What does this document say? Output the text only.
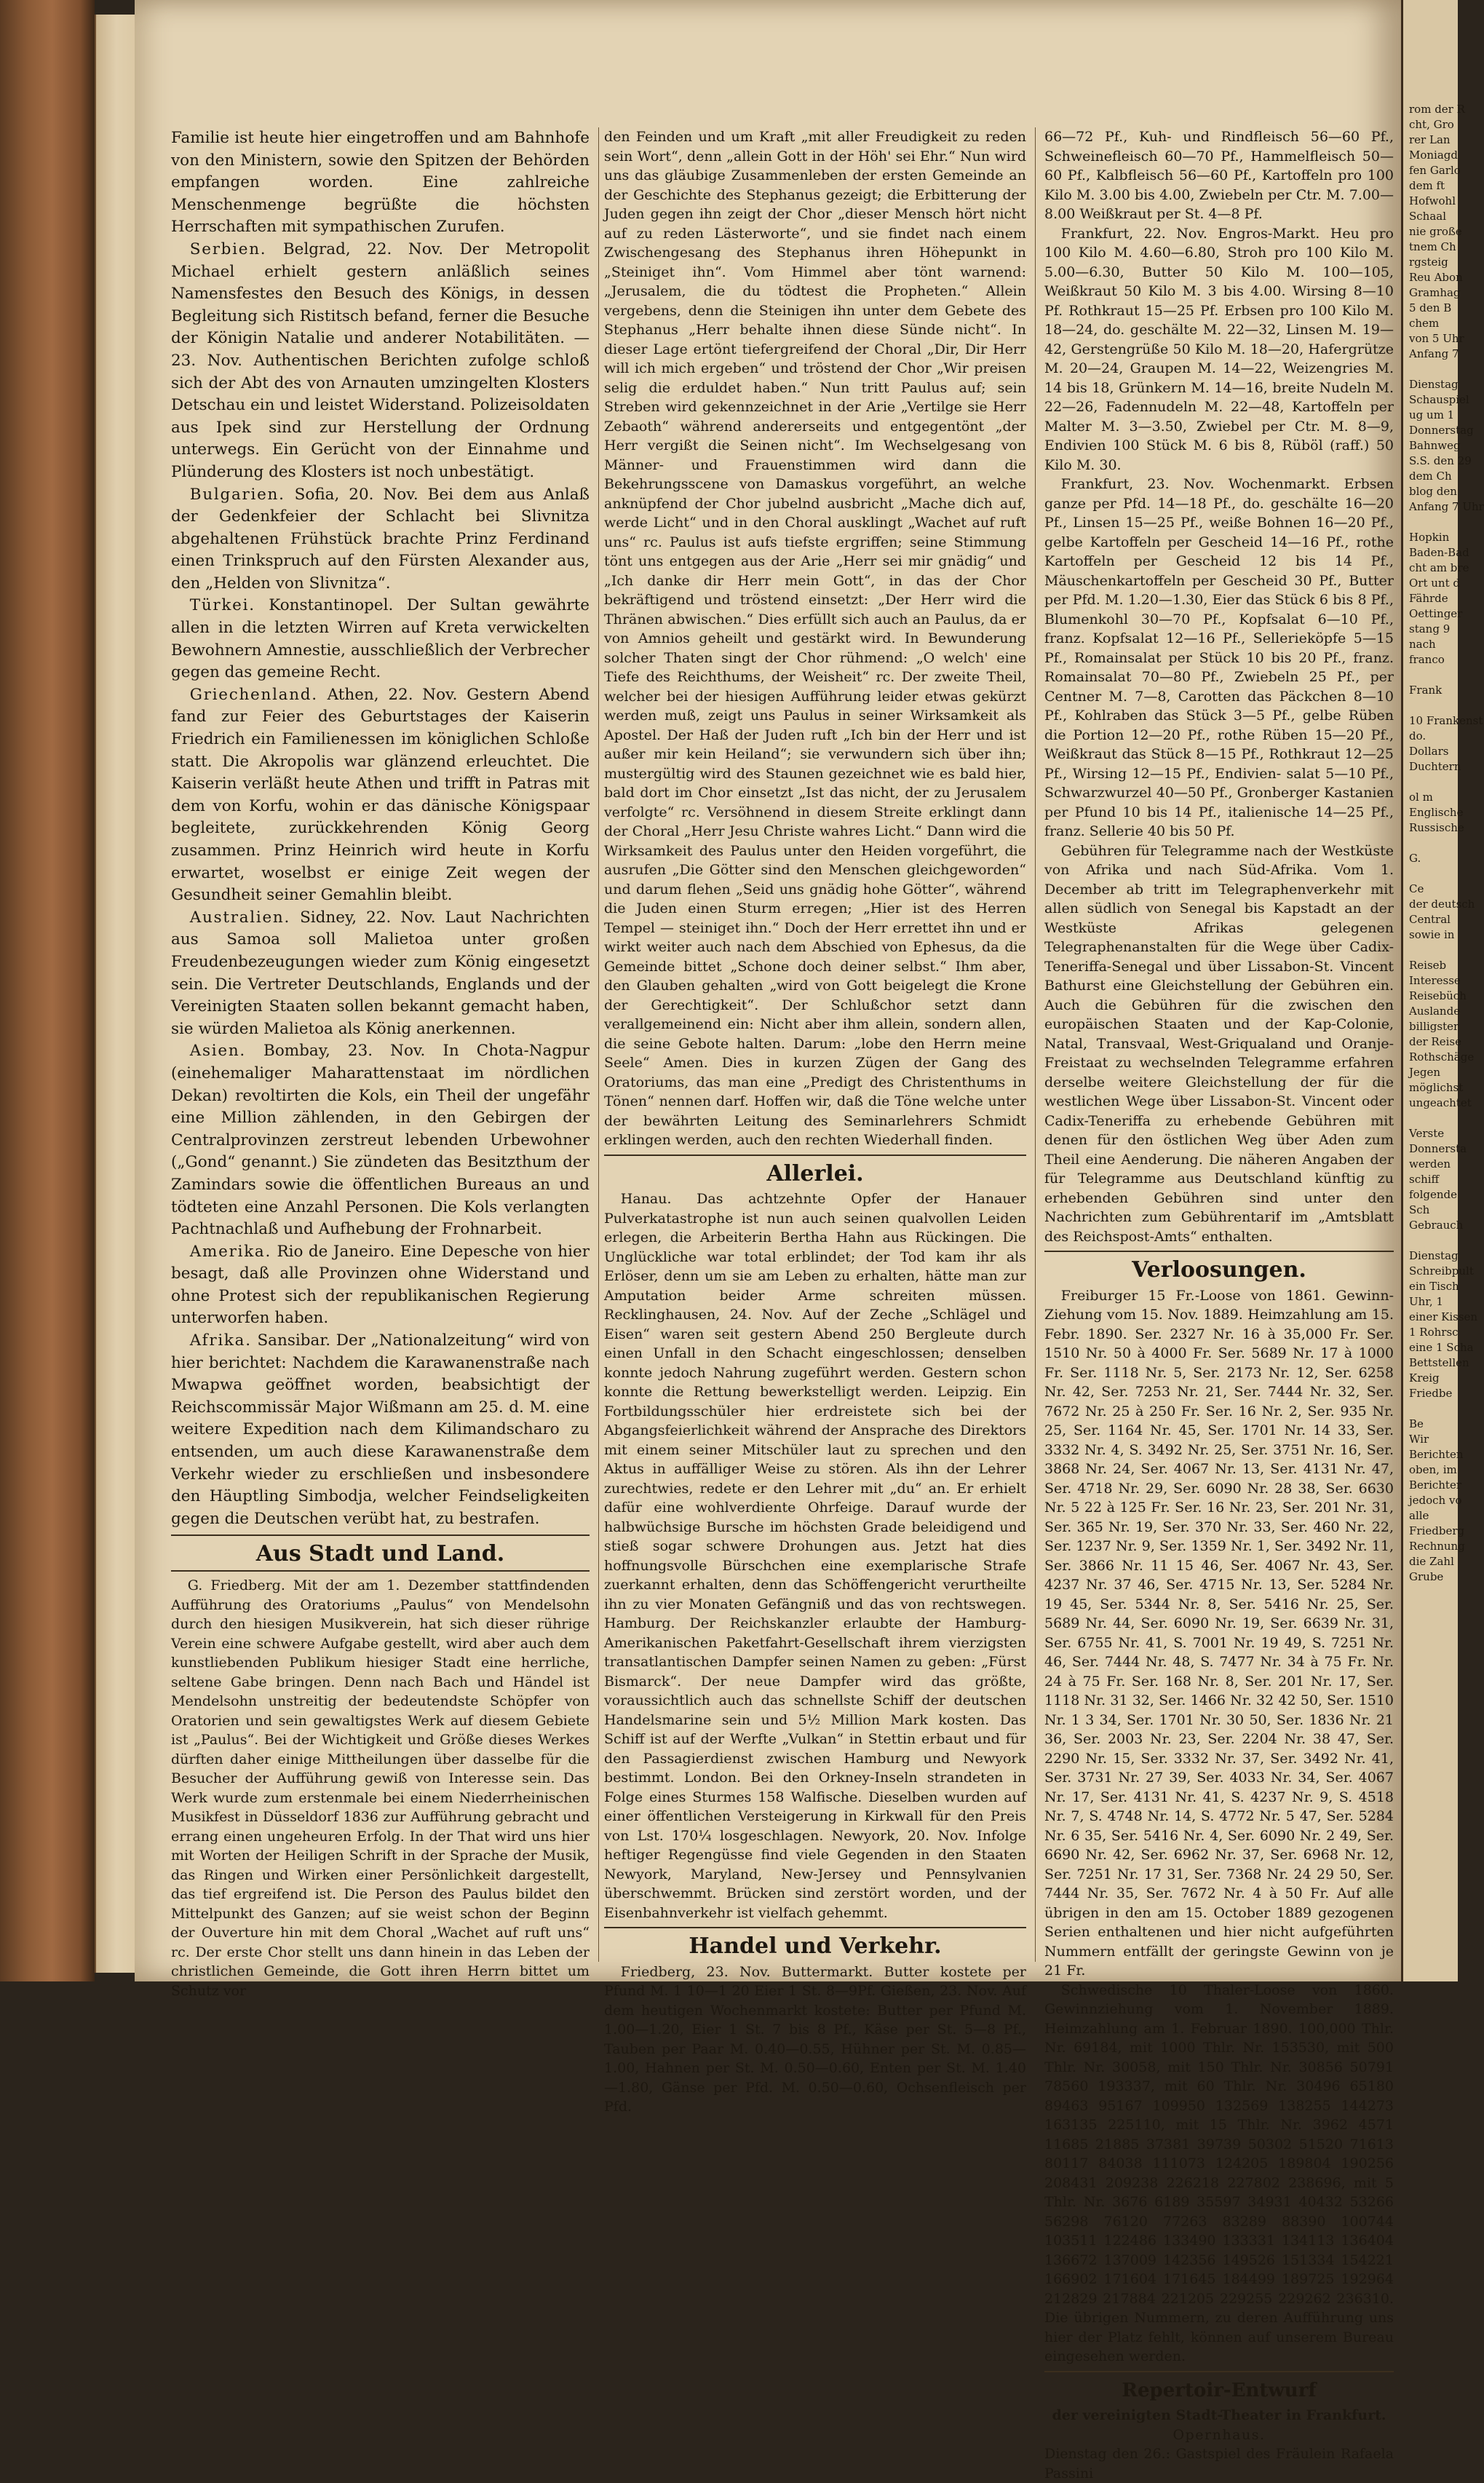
Familie ist heute hier eingetroffen und am Bahnhofe von den Ministern, sowie den Spitzen der Behörden empfangen worden. Eine zahlreiche Menschenmenge begrüßte die höchsten Herrschaften mit sympathischen Zurufen.

Serbien. Belgrad, 22. Nov. Der Metropolit Michael erhielt gestern anläßlich seines Namensfestes den Besuch des Königs, in dessen Begleitung sich Ristitsch befand, ferner die Besuche der Königin Natalie und anderer Notabilitäten. — 23. Nov. Authentischen Berichten zufolge schloß sich der Abt des von Arnauten umzingelten Klosters Detschau ein und leistet Widerstand. Polizeisoldaten aus Ipek sind zur Herstellung der Ordnung unterwegs. Ein Gerücht von der Einnahme und Plünderung des Klosters ist noch unbestätigt.

Bulgarien. Sofia, 20. Nov. Bei dem aus Anlaß der Gedenkfeier der Schlacht bei Slivnitza abgehaltenen Frühstück brachte Prinz Ferdinand einen Trinkspruch auf den Fürsten Alexander aus, den „Helden von Slivnitza“.

Türkei. Konstantinopel. Der Sultan gewährte allen in die letzten Wirren auf Kreta verwickelten Bewohnern Amnestie, ausschließlich der Verbrecher gegen das gemeine Recht.

Griechenland. Athen, 22. Nov. Gestern Abend fand zur Feier des Geburtstages der Kaiserin Friedrich ein Familienessen im königlichen Schloße statt. Die Akropolis war glänzend erleuchtet. Die Kaiserin verläßt heute Athen und trifft in Patras mit dem von Korfu, wohin er das dänische Königspaar begleitete, zurückkehrenden König Georg zusammen. Prinz Heinrich wird heute in Korfu erwartet, woselbst er einige Zeit wegen der Gesundheit seiner Gemahlin bleibt.

Australien. Sidney, 22. Nov. Laut Nachrichten aus Samoa soll Malietoa unter großen Freudenbezeugungen wieder zum König eingesetzt sein. Die Vertreter Deutschlands, Englands und der Vereinigten Staaten sollen bekannt gemacht haben, sie würden Malietoa als König anerkennen.

Asien. Bombay, 23. Nov. In Chota-Nagpur (einehemaliger Maharattenstaat im nördlichen Dekan) revoltirten die Kols, ein Theil der ungefähr eine Million zählenden, in den Gebirgen der Centralprovinzen zerstreut lebenden Urbewohner („Gond“ genannt.) Sie zündeten das Besitzthum der Zamindars sowie die öffentlichen Bureaus an und tödteten eine Anzahl Personen. Die Kols verlangten Pachtnachlaß und Aufhebung der Frohnarbeit.

Amerika. Rio de Janeiro. Eine Depesche von hier besagt, daß alle Provinzen ohne Widerstand und ohne Protest sich der republikanischen Regierung unterworfen haben.

Afrika. Sansibar. Der „Nationalzeitung“ wird von hier berichtet: Nachdem die Karawanenstraße nach Mwapwa geöffnet worden, beabsichtigt der Reichscommissär Major Wißmann am 25. d. M. eine weitere Expedition nach dem Kilimandscharo zu entsenden, um auch diese Karawanenstraße dem Verkehr wieder zu erschließen und insbesondere den Häuptling Simbodja, welcher Feindseligkeiten gegen die Deutschen verübt hat, zu bestrafen.

Aus Stadt und Land.

G. Friedberg. Mit der am 1. Dezember stattfindenden Aufführung des Oratoriums „Paulus“ von Mendelsohn durch den hiesigen Musikverein, hat sich dieser rührige Verein eine schwere Aufgabe gestellt, wird aber auch dem kunstliebenden Publikum hiesiger Stadt eine herrliche, seltene Gabe bringen. Denn nach Bach und Händel ist Mendelsohn unstreitig der bedeutendste Schöpfer von Oratorien und sein gewaltigstes Werk auf diesem Gebiete ist „Paulus“. Bei der Wichtigkeit und Größe dieses Werkes dürften daher einige Mittheilungen über dasselbe für die Besucher der Aufführung gewiß von Interesse sein. Das Werk wurde zum erstenmale bei einem Niederrheinischen Musikfest in Düsseldorf 1836 zur Aufführung gebracht und errang einen ungeheuren Erfolg. In der That wird uns hier mit Worten der Heiligen Schrift in der Sprache der Musik, das Ringen und Wirken einer Persönlichkeit dargestellt, das tief ergreifend ist. Die Person des Paulus bildet den Mittelpunkt des Ganzen; auf sie weist schon der Beginn der Ouverture hin mit dem Choral „Wachet auf ruft uns“ rc. Der erste Chor stellt uns dann hinein in das Leben der christlichen Gemeinde, die Gott ihren Herrn bittet um Schutz vor

den Feinden und um Kraft „mit aller Freudigkeit zu reden sein Wort“, denn „allein Gott in der Höh' sei Ehr.“ Nun wird uns das gläubige Zusammenleben der ersten Gemeinde an der Geschichte des Stephanus gezeigt; die Erbitterung der Juden gegen ihn zeigt der Chor „dieser Mensch hört nicht auf zu reden Lästerworte“, und sie findet nach einem Zwischengesang des Stephanus ihren Höhepunkt in „Steiniget ihn“. Vom Himmel aber tönt warnend: „Jerusalem, die du tödtest die Propheten.“ Allein vergebens, denn die Steinigen ihn unter dem Gebete des Stephanus „Herr behalte ihnen diese Sünde nicht“. In dieser Lage ertönt tiefergreifend der Choral „Dir, Dir Herr will ich mich ergeben“ und tröstend der Chor „Wir preisen selig die erduldet haben.“ Nun tritt Paulus auf; sein Streben wird gekennzeichnet in der Arie „Vertilge sie Herr Zebaoth“ während andererseits und entgegentönt „der Herr vergißt die Seinen nicht“. Im Wechselgesang von Männer- und Frauenstimmen wird dann die Bekehrungsscene von Damaskus vorgeführt, an welche anknüpfend der Chor jubelnd ausbricht „Mache dich auf, werde Licht“ und in den Choral ausklingt „Wachet auf ruft uns“ rc. Paulus ist aufs tiefste ergriffen; seine Stimmung tönt uns entgegen aus der Arie „Herr sei mir gnädig“ und „Ich danke dir Herr mein Gott“, in das der Chor bekräftigend und tröstend einsetzt: „Der Herr wird die Thränen abwischen.“ Dies erfüllt sich auch an Paulus, da er von Amnios geheilt und gestärkt wird. In Bewunderung solcher Thaten singt der Chor rühmend: „O welch' eine Tiefe des Reichthums, der Weisheit“ rc. Der zweite Theil, welcher bei der hiesigen Aufführung leider etwas gekürzt werden muß, zeigt uns Paulus in seiner Wirksamkeit als Apostel. Der Haß der Juden ruft „Ich bin der Herr und ist außer mir kein Heiland“; sie verwundern sich über ihn; mustergültig wird des Staunen gezeichnet wie es bald hier, bald dort im Chor einsetzt „Ist das nicht, der zu Jerusalem verfolgte“ rc. Versöhnend in diesem Streite erklingt dann der Choral „Herr Jesu Christe wahres Licht.“ Dann wird die Wirksamkeit des Paulus unter den Heiden vorgeführt, die ausrufen „Die Götter sind den Menschen gleichgeworden“ und darum flehen „Seid uns gnädig hohe Götter“, während die Juden einen Sturm erregen; „Hier ist des Herren Tempel — steiniget ihn.“ Doch der Herr errettet ihn und er wirkt weiter auch nach dem Abschied von Ephesus, da die Gemeinde bittet „Schone doch deiner selbst.“ Ihm aber, den Glauben gehalten „wird von Gott beigelegt die Krone der Gerechtigkeit“. Der Schlußchor setzt dann verallgemeinend ein: Nicht aber ihm allein, sondern allen, die seine Gebote halten. Darum: „lobe den Herrn meine Seele“ Amen. Dies in kurzen Zügen der Gang des Oratoriums, das man eine „Predigt des Christenthums in Tönen“ nennen darf. Hoffen wir, daß die Töne welche unter der bewährten Leitung des Seminarlehrers Schmidt erklingen werden, auch den rechten Wiederhall finden.

Allerlei.

Hanau. Das achtzehnte Opfer der Hanauer Pulverkatastrophe ist nun auch seinen qualvollen Leiden erlegen, die Arbeiterin Bertha Hahn aus Rückingen. Die Unglückliche war total erblindet; der Tod kam ihr als Erlöser, denn um sie am Leben zu erhalten, hätte man zur Amputation beider Arme schreiten müssen. Recklinghausen, 24. Nov. Auf der Zeche „Schlägel und Eisen“ waren seit gestern Abend 250 Bergleute durch einen Unfall in den Schacht eingeschlossen; denselben konnte jedoch Nahrung zugeführt werden. Gestern schon konnte die Rettung bewerkstelligt werden. Leipzig. Ein Fortbildungsschüler hier erdreistete sich bei der Abgangsfeierlichkeit während der Ansprache des Direktors mit einem seiner Mitschüler laut zu sprechen und den Aktus in auffälliger Weise zu stören. Als ihn der Lehrer zurechtwies, redete er den Lehrer mit „du“ an. Er erhielt dafür eine wohlverdiente Ohrfeige. Darauf wurde der halbwüchsige Bursche im höchsten Grade beleidigend und stieß sogar schwere Drohungen aus. Jetzt hat dies hoffnungsvolle Bürschchen eine exemplarische Strafe zuerkannt erhalten, denn das Schöffengericht verurtheilte ihn zu vier Monaten Gefängniß und das von rechtswegen. Hamburg. Der Reichskanzler erlaubte der Hamburg-Amerikanischen Paketfahrt-Gesellschaft ihrem vierzigsten transatlantischen Dampfer seinen Namen zu geben: „Fürst Bismarck“. Der neue Dampfer wird das größte, voraussichtlich auch das schnellste Schiff der deutschen Handelsmarine sein und 5½ Million Mark kosten. Das Schiff ist auf der Werfte „Vulkan“ in Stettin erbaut und für den Passagierdienst zwischen Hamburg und Newyork bestimmt. London. Bei den Orkney-Inseln strandeten in Folge eines Sturmes 158 Walfische. Dieselben wurden auf einer öffentlichen Versteigerung in Kirkwall für den Preis von Lst. 170¼ losgeschlagen. Newyork, 20. Nov. Infolge heftiger Regengüsse find viele Gegenden in den Staaten Newyork, Maryland, New-Jersey und Pennsylvanien überschwemmt. Brücken sind zerstört worden, und der Eisenbahnverkehr ist vielfach gehemmt.

Handel und Verkehr.

Friedberg, 23. Nov. Buttermarkt. Butter kostete per Pfund M. 1 10—1 20 Eier 1 St. 8—9Pf. Gießen, 23. Nov. Auf dem heutigen Wochenmarkt kostete: Butter per Pfund M. 1.00—1.20, Eier 1 St. 7 bis 8 Pf., Käse per St. 5—8 Pf., Tauben per Paar M. 0.40—0.55, Hühner per St. M. 0.85—1.00, Hahnen per St. M. 0.50—0.60, Enten per St. M. 1.40—1.80, Gänse per Pfd. M. 0.50—0.60, Ochsenfleisch per Pfd.

66—72 Pf., Kuh- und Rindfleisch 56—60 Pf., Schweinefleisch 60—70 Pf., Hammelfleisch 50—60 Pf., Kalbfleisch 56—60 Pf., Kartoffeln pro 100 Kilo M. 3.00 bis 4.00, Zwiebeln per Ctr. M. 7.00—8.00 Weißkraut per St. 4—8 Pf.

Frankfurt, 22. Nov. Engros-Markt. Heu pro 100 Kilo M. 4.60—6.80, Stroh pro 100 Kilo M. 5.00—6.30, Butter 50 Kilo M. 100—105, Weißkraut 50 Kilo M. 3 bis 4.00. Wirsing 8—10 Pf. Rothkraut 15—25 Pf. Erbsen pro 100 Kilo M. 18—24, do. geschälte M. 22—32, Linsen M. 19—42, Gerstengrüße 50 Kilo M. 18—20, Hafergrütze M. 20—24, Graupen M. 14—22, Weizengries M. 14 bis 18, Grünkern M. 14—16, breite Nudeln M. 22—26, Fadennudeln M. 22—48, Kartoffeln per Malter M. 3—3.50, Zwiebel per Ctr. M. 8—9, Endivien 100 Stück M. 6 bis 8, Rüböl (raff.) 50 Kilo M. 30.

Frankfurt, 23. Nov. Wochenmarkt. Erbsen ganze per Pfd. 14—18 Pf., do. geschälte 16—20 Pf., Linsen 15—25 Pf., weiße Bohnen 16—20 Pf., gelbe Kartoffeln per Gescheid 14—16 Pf., rothe Kartoffeln per Gescheid 12 bis 14 Pf., Mäuschenkartoffeln per Gescheid 30 Pf., Butter per Pfd. M. 1.20—1.30, Eier das Stück 6 bis 8 Pf., Blumenkohl 30—70 Pf., Kopfsalat 6—10 Pf., franz. Kopfsalat 12—16 Pf., Sellerieköpfe 5—15 Pf., Romainsalat per Stück 10 bis 20 Pf., franz. Romainsalat 70—80 Pf., Zwiebeln 25 Pf., per Centner M. 7—8, Carotten das Päckchen 8—10 Pf., Kohlraben das Stück 3—5 Pf., gelbe Rüben die Portion 12—20 Pf., rothe Rüben 15—20 Pf., Weißkraut das Stück 8—15 Pf., Rothkraut 12—25 Pf., Wirsing 12—15 Pf., Endivien- salat 5—10 Pf., Schwarzwurzel 40—50 Pf., Gronberger Kastanien per Pfund 10 bis 14 Pf., italienische 14—25 Pf., franz. Sellerie 40 bis 50 Pf.

Gebühren für Telegramme nach der Westküste von Afrika und nach Süd-Afrika. Vom 1. December ab tritt im Telegraphenverkehr mit allen südlich von Senegal bis Kapstadt an der Westküste Afrikas gelegenen Telegraphenanstalten für die Wege über Cadix-Teneriffa-Senegal und über Lissabon-St. Vincent Bathurst eine Gleichstellung der Gebühren ein. Auch die Gebühren für die zwischen den europäischen Staaten und der Kap-Colonie, Natal, Transvaal, West-Griqualand und Oranje-Freistaat zu wechselnden Telegramme erfahren derselbe weitere Gleichstellung der für die westlichen Wege über Lissabon-St. Vincent oder Cadix-Teneriffa zu erhebende Gebühren mit denen für den östlichen Weg über Aden zum Theil eine Aenderung. Die näheren Angaben der für Telegramme aus Deutschland künftig zu erhebenden Gebühren sind unter den Nachrichten zum Gebührentarif im „Amtsblatt des Reichspost-Amts“ enthalten.

Verloosungen.

Freiburger 15 Fr.-Loose von 1861. Gewinn-Ziehung vom 15. Nov. 1889. Heimzahlung am 15. Febr. 1890. Ser. 2327 Nr. 16 à 35,000 Fr. Ser. 1510 Nr. 50 à 4000 Fr. Ser. 5689 Nr. 17 à 1000 Fr. Ser. 1118 Nr. 5, Ser. 2173 Nr. 12, Ser. 6258 Nr. 42, Ser. 7253 Nr. 21, Ser. 7444 Nr. 32, Ser. 7672 Nr. 25 à 250 Fr. Ser. 16 Nr. 2, Ser. 935 Nr. 25, Ser. 1164 Nr. 45, Ser. 1701 Nr. 14 33, Ser. 3332 Nr. 4, S. 3492 Nr. 25, Ser. 3751 Nr. 16, Ser. 3868 Nr. 24, Ser. 4067 Nr. 13, Ser. 4131 Nr. 47, Ser. 4718 Nr. 29, Ser. 6090 Nr. 28 38, Ser. 6630 Nr. 5 22 à 125 Fr. Ser. 16 Nr. 23, Ser. 201 Nr. 31, Ser. 365 Nr. 19, Ser. 370 Nr. 33, Ser. 460 Nr. 22, Ser. 1237 Nr. 9, Ser. 1359 Nr. 1, Ser. 3492 Nr. 11, Ser. 3866 Nr. 11 15 46, Ser. 4067 Nr. 43, Ser. 4237 Nr. 37 46, Ser. 4715 Nr. 13, Ser. 5284 Nr. 19 45, Ser. 5344 Nr. 8, Ser. 5416 Nr. 25, Ser. 5689 Nr. 44, Ser. 6090 Nr. 19, Ser. 6639 Nr. 31, Ser. 6755 Nr. 41, S. 7001 Nr. 19 49, S. 7251 Nr. 46, Ser. 7444 Nr. 48, S. 7477 Nr. 34 à 75 Fr. Nr. 24 à 75 Fr. Ser. 168 Nr. 8, Ser. 201 Nr. 17, Ser. 1118 Nr. 31 32, Ser. 1466 Nr. 32 42 50, Ser. 1510 Nr. 1 3 34, Ser. 1701 Nr. 30 50, Ser. 1836 Nr. 21 36, Ser. 2003 Nr. 23, Ser. 2204 Nr. 38 47, Ser. 2290 Nr. 15, Ser. 3332 Nr. 37, Ser. 3492 Nr. 41, Ser. 3731 Nr. 27 39, Ser. 4033 Nr. 34, Ser. 4067 Nr. 17, Ser. 4131 Nr. 41, S. 4237 Nr. 9, S. 4518 Nr. 7, S. 4748 Nr. 14, S. 4772 Nr. 5 47, Ser. 5284 Nr. 6 35, Ser. 5416 Nr. 4, Ser. 6090 Nr. 2 49, Ser. 6690 Nr. 42, Ser. 6962 Nr. 37, Ser. 6968 Nr. 12, Ser. 7251 Nr. 17 31, Ser. 7368 Nr. 24 29 50, Ser. 7444 Nr. 35, Ser. 7672 Nr. 4 à 50 Fr. Auf alle übrigen in den am 15. October 1889 gezogenen Serien enthaltenen und hier nicht aufgeführten Nummern entfällt der geringste Gewinn von je 21 Fr.

Schwedische 10 Thaler-Loose von 1860. Gewinnziehung vom 1. November 1889. Heimzahlung am 1. Februar 1890. 100,000 Thlr. Nr. 69184, mit 1000 Thlr. Nr. 153530, mit 500 Thlr. Nr. 30058, mit 150 Thlr. Nr. 30856 50791 78560 193337, mit 60 Thlr. Nr. 30496 65180 89463 95167 109950 132569 138255 144273 163135 225110, mit 15 Thlr. Nr. 3962 4571 11685 21885 37381 39739 50302 51520 71613 80117 84038 111073 124205 189804 190256 208431 209238 226218 227802 238696, mit 5 Thlr. Nr. 3676 6189 35597 34931 40432 53266 56298 76120 77263 83289 88390 100744 103511 122486 133490 133331 134113 136404 136672 137009 142356 149526 151334 154221 166902 171604 171645 184499 189725 192964 212829 217884 221205 229255 229262 236310. Die übrigen Nummern, zu deren Aufführung uns hier der Platz fehlt, können auf unserem Bureau eingesehen werden.

Repertoir-Entwurf

der vereinigten Stadt-Theater in Frankfurt.

Opernhaus.

Dienstag den 26.: Gastspiel des Fräulein Rafaela Passini

rom der R
cht, Gro
rer Lan
Moniagd
fen Garlo
dem ft
Hofwohl
Schaal
nie große
tnem Ch
rgsteig
Reu Abon
Gramhag
5 den B
chem
von 5 Uhr
Anfang 7

Dienstag
Schauspiel
ug um 1
Donnerstag
Bahnweg
S.S. den 29
dem Ch
blog den
Anfang 7 Uhr

Hopkin
Baden-Bad
cht am bre
Ort unt d
Fährde
Oettinger
stang 9
nach
franco

Frank

10 Frankenst
do.
Dollars
Duchtern

ol m
Englische
Russische

G.

Ce
der deutsch
Central
sowie in

Reiseb
Interesse
Reisebüch
Auslande
billigster
der Reise
Rothschäge
Jegen
möglichst
ungeachtet

Verste
Donnersta
werden
schiff
folgende
Sch
Gebrauch

Dienstag
Schreibpult
ein Tisch
Uhr, 1
einer Kissen
1 Rohrsc
eine 1 Scha
Bettstellen
Kreig
Friedbe

Be
Wir
Berichten
oben, im
Berichter
jedoch vo
alle
Friedberg
Rechnung
die Zahl
Grube
